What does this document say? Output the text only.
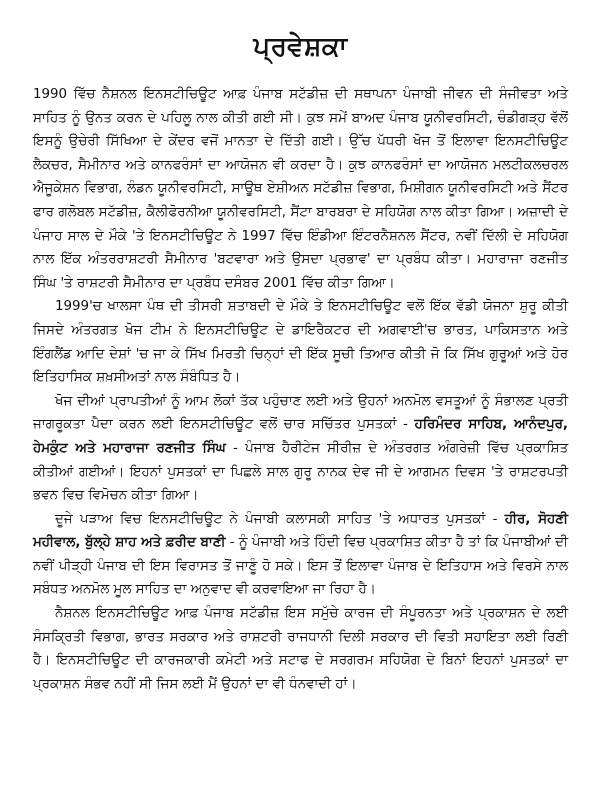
ਪ੍ਰਵੇਸ਼ਕਾ

1990 ਵਿੱਚ ਨੈਸ਼ਨਲ ਇਨਸਟੀਚਿਊਟ ਆਫ਼ ਪੰਜਾਬ ਸਟੱਡੀਜ਼ ਦੀ ਸਥਾਪਨਾ ਪੰਜਾਬੀ ਜੀਵਨ ਦੀ ਸੰਜੀਵਤਾ ਅਤੇ ਸਾਹਿਤ ਨੂੰ ਉਨਤ ਕਰਨ ਦੇ ਪਹਿਲੂ ਨਾਲ ਕੀਤੀ ਗਈ ਸੀ। ਕੁਝ ਸਮੇਂ ਬਾਅਦ ਪੰਜਾਬ ਯੂਨੀਵਰਸਿਟੀ, ਚੰਡੀਗੜ੍ਹ ਵੱਲੋਂ ਇਸਨੂੰ ਉਚੇਰੀ ਸਿੱਖਿਆ ਦੇ ਕੇਂਦਰ ਵਜੋਂ ਮਾਨਤਾ ਦੇ ਦਿੱਤੀ ਗਈ। ਉੱਚ ਪੱਧਰੀ ਖੋਜ ਤੋਂ ਇਲਾਵਾ ਇਨਸਟੀਚਿਊਟ ਲੈਕਚਰ, ਸੈਮੀਨਾਰ ਅਤੇ ਕਾਨਫਰੰਸਾਂ ਦਾ ਆਯੋਜਨ ਵੀ ਕਰਦਾ ਹੈ। ਕੁਝ ਕਾਨਫਰੰਸਾਂ ਦਾ ਆਯੋਜਨ ਮਲਟੀਕਲਚਰਲ ਐਜੂਕੇਸ਼ਨ ਵਿਭਾਗ, ਲੰਡਨ ਯੂਨੀਵਰਸਿਟੀ, ਸਾਊਥ ਏਸ਼ੀਅਨ ਸਟੱਡੀਜ਼ ਵਿਭਾਗ, ਮਿਸ਼ੀਗਨ ਯੂਨੀਵਰਸਿਟੀ ਅਤੇ ਸੈਂਟਰ ਫਾਰ ਗਲੋਬਲ ਸਟੱਡੀਜ਼, ਕੈਲੀਫੋਰਨੀਆ ਯੂਨੀਵਰਸਿਟੀ, ਸੈਂਟਾ ਬਾਰਬਰਾ ਦੇ ਸਹਿਯੋਗ ਨਾਲ ਕੀਤਾ ਗਿਆ। ਅਜ਼ਾਦੀ ਦੇ ਪੰਜਾਹ ਸਾਲ ਦੇ ਮੌਕੇ 'ਤੇ ਇਨਸਟੀਚਿਊਟ ਨੇ 1997 ਵਿੱਚ ਇੰਡੀਆ ਇੰਟਰਨੈਸ਼ਨਲ ਸੈਂਟਰ, ਨਵੀਂ ਦਿੱਲੀ ਦੇ ਸਹਿਯੋਗ ਨਾਲ ਇੱਕ ਅੰਤਰਰਾਸ਼ਟਰੀ ਸੈਮੀਨਾਰ 'ਬਟਵਾਰਾ ਅਤੇ ਉਸਦਾ ਪ੍ਰਭਾਵ' ਦਾ ਪ੍ਰਬੰਧ ਕੀਤਾ। ਮਹਾਰਾਜਾ ਰਣਜੀਤ ਸਿੰਘ 'ਤੇ ਰਾਸ਼ਟਰੀ ਸੈਮੀਨਾਰ ਦਾ ਪ੍ਰਬੰਧ ਦਸੰਬਰ 2001 ਵਿੱਚ ਕੀਤਾ ਗਿਆ।

1999'ਚ ਖਾਲਸਾ ਪੰਥ ਦੀ ਤੀਸਰੀ ਸ਼ਤਾਬਦੀ ਦੇ ਮੌਕੇ ਤੇ ਇਨਸਟੀਚਿਊਟ ਵਲੋਂ ਇੱਕ ਵੱਡੀ ਯੋਜਨਾ ਸ਼ੁਰੂ ਕੀਤੀ ਜਿਸਦੇ ਅੰਤਰਗਤ ਖੋਜ ਟੀਮ ਨੇ ਇਨਸਟੀਚਿਊਟ ਦੇ ਡਾਇਰੈਕਟਰ ਦੀ ਅਗਵਾਈ'ਚ ਭਾਰਤ, ਪਾਕਿਸਤਾਨ ਅਤੇ ਇੰਗਲੈਂਡ ਆਦਿ ਦੇਸ਼ਾਂ 'ਚ ਜਾ ਕੇ ਸਿੱਖ ਮਿਰਤੀ ਚਿਨ੍ਹਾਂ ਦੀ ਇੱਕ ਸੂਚੀ ਤਿਆਰ ਕੀਤੀ ਜੋ ਕਿ ਸਿੱਖ ਗੁਰੂਆਂ ਅਤੇ ਹੋਰ ਇਤਿਹਾਸਿਕ ਸ਼ਖ਼ਸੀਅਤਾਂ ਨਾਲ ਸੰਬੰਧਿਤ ਹੈ।

ਖੋਜ ਦੀਆਂ ਪ੍ਰਾਪਤੀਆਂ ਨੂੰ ਆਮ ਲੋਕਾਂ ਤੱਕ ਪਹੁੰਚਾਣ ਲਈ ਅਤੇ ਉਹਨਾਂ ਅਨਮੋਲ ਵਸਤੂਆਂ ਨੂੰ ਸੰਭਾਲਣ ਪ੍ਰਤੀ ਜਾਗਰੂਕਤਾ ਪੈਦਾ ਕਰਨ ਲਈ ਇਨਸਟੀਚਿਊਟ ਵਲੋਂ ਚਾਰ ਸਚਿੱਤਰ ਪੁਸਤਕਾਂ - ਹਰਿਮੰਦਰ ਸਾਹਿਬ, ਆਨੰਦਪੁਰ, ਹੇਮਕੁੰਟ ਅਤੇ ਮਹਾਰਾਜਾ ਰਣਜੀਤ ਸਿੰਘ - ਪੰਜਾਬ ਹੈਰੀਟੇਜ ਸੀਰੀਜ਼ ਦੇ ਅੰਤਰਗਤ ਅੰਗਰੇਜ਼ੀ ਵਿੱਚ ਪ੍ਰਕਾਸ਼ਿਤ ਕੀਤੀਆਂ ਗਈਆਂ। ਇਹਨਾਂ ਪੁਸਤਕਾਂ ਦਾ ਪਿਛਲੇ ਸਾਲ ਗੁਰੂ ਨਾਨਕ ਦੇਵ ਜੀ ਦੇ ਆਗਮਨ ਦਿਵਸ 'ਤੇ ਰਾਸ਼ਟਰਪਤੀ ਭਵਨ ਵਿਚ ਵਿਮੋਚਨ ਕੀਤਾ ਗਿਆ।

ਦੂਜੇ ਪੜਾਅ ਵਿਚ ਇਨਸਟੀਚਿਊਟ ਨੇ ਪੰਜਾਬੀ ਕਲਾਸਕੀ ਸਾਹਿਤ 'ਤੇ ਅਧਾਰਤ ਪੁਸਤਕਾਂ - ਹੀਰ, ਸੋਹਣੀ ਮਹੀਵਾਲ, ਬੁੱਲ੍ਹੇ ਸ਼ਾਹ ਅਤੇ ਫ਼ਰੀਦ ਬਾਣੀ - ਨੂੰ ਪੰਜਾਬੀ ਅਤੇ ਹਿੰਦੀ ਵਿਚ ਪ੍ਰਕਾਸ਼ਿਤ ਕੀਤਾ ਹੈ ਤਾਂ ਕਿ ਪੰਜਾਬੀਆਂ ਦੀ ਨਵੀਂ ਪੀੜ੍ਹੀ ਪੰਜਾਬ ਦੀ ਇਸ ਵਿਰਾਸਤ ਤੋਂ ਜਾਣੂੰ ਹੋ ਸਕੇ। ਇਸ ਤੋਂ ਇਲਾਵਾ ਪੰਜਾਬ ਦੇ ਇਤਿਹਾਸ ਅਤੇ ਵਿਰਸੇ ਨਾਲ ਸਬੰਧਤ ਅਨਮੋਲ ਮੂਲ ਸਾਹਿਤ ਦਾ ਅਨੁਵਾਦ ਵੀ ਕਰਵਾਇਆ ਜਾ ਰਿਹਾ ਹੈ।

ਨੈਸ਼ਨਲ ਇਨਸਟੀਚਿਊਟ ਆਫ਼ ਪੰਜਾਬ ਸਟੱਡੀਜ਼ ਇਸ ਸਮੁੱਚੇ ਕਾਰਜ ਦੀ ਸੰਪੂਰਨਤਾ ਅਤੇ ਪ੍ਰਕਾਸ਼ਨ ਦੇ ਲਈ ਸੰਸਕ੍ਰਿਤੀ ਵਿਭਾਗ, ਭਾਰਤ ਸਰਕਾਰ ਅਤੇ ਰਾਸ਼ਟਰੀ ਰਾਜਧਾਨੀ ਦਿਲੀ ਸਰਕਾਰ ਦੀ ਵਿਤੀ ਸਹਾਇਤਾ ਲਈ ਰਿਣੀ ਹੈ। ਇਨਸਟੀਚਿਊਟ ਦੀ ਕਾਰਜਕਾਰੀ ਕਮੇਟੀ ਅਤੇ ਸਟਾਫ ਦੇ ਸਰਗਰਮ ਸਹਿਯੋਗ ਦੇ ਬਿਨਾਂ ਇਹਨਾਂ ਪੁਸਤਕਾਂ ਦਾ ਪ੍ਰਕਾਸ਼ਨ ਸੰਭਵ ਨਹੀਂ ਸੀ ਜਿਸ ਲਈ ਮੈਂ ਉਹਨਾਂ ਦਾ ਵੀ ਧੰਨਵਾਦੀ ਹਾਂ।
